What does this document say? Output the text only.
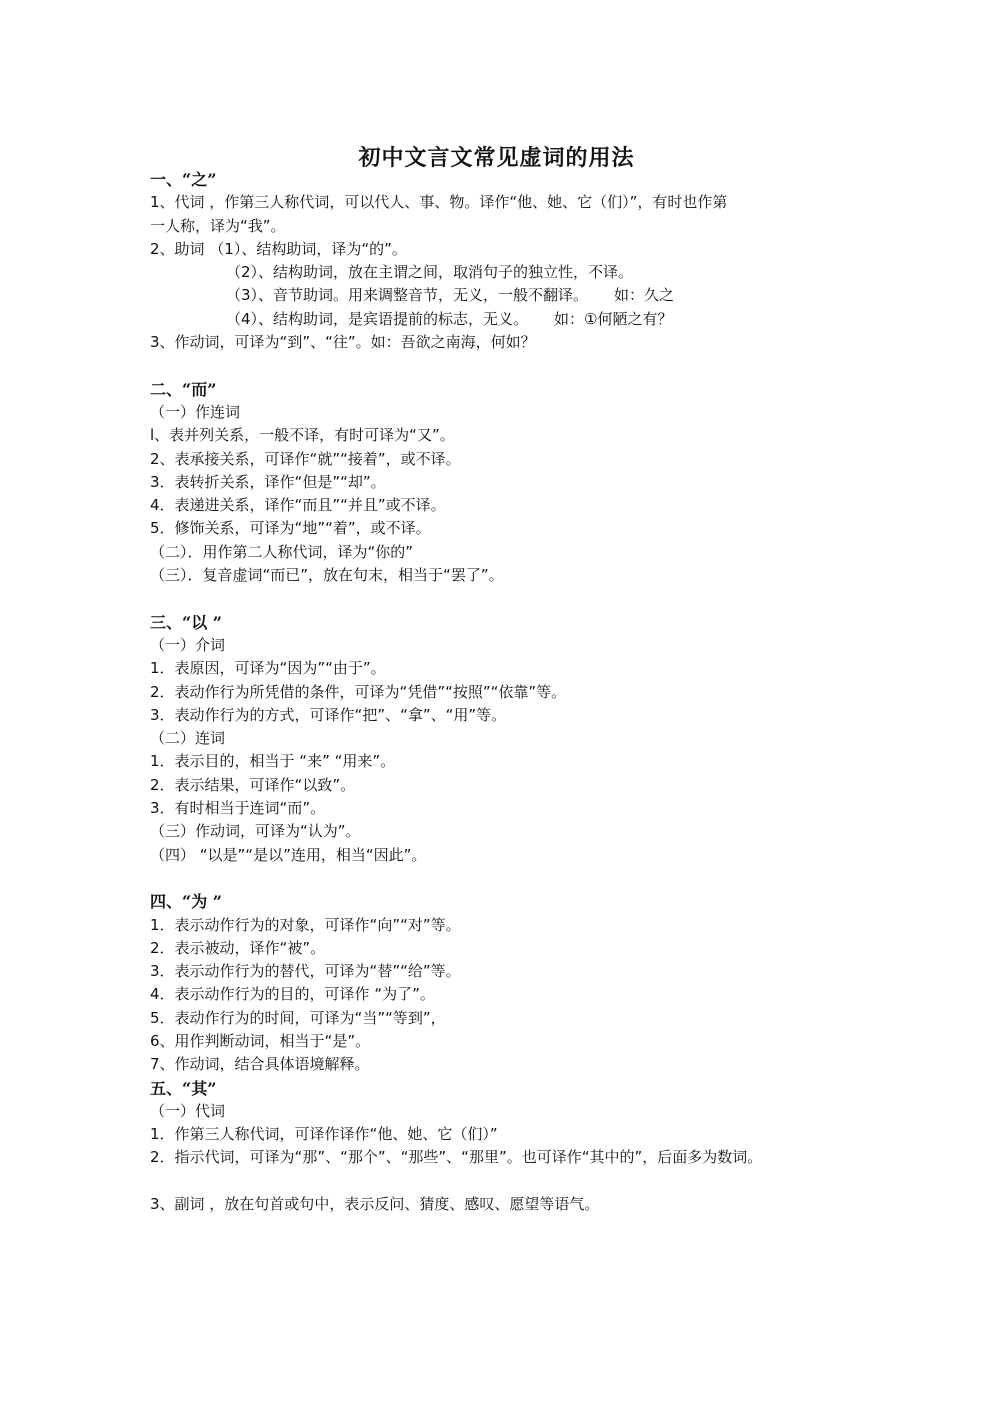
初中文言文常见虚词的用法
一、“之”
1、代词 ，作第三人称代词，可以代人、事、物。译作“他、她、它（们）”，有时也作第
一人称，译为“我”。
2、助词 （1）、结构助词，译为“的”。
（2）、结构助词，放在主谓之间，取消句子的独立性，不译。
（3）、音节助词。用来调整音节，无义，一般不翻译。 如：久之
（4）、结构助词，是宾语提前的标志，无义。 如：①何陋之有？
3、作动词，可译为“到”、“往”。如：吾欲之南海，何如？
二、“而”
（一）作连词
l、表并列关系，一般不译，有时可译为“又”。
2、表承接关系，可译作“就”“接着”，或不译。
3．表转折关系，译作“但是”“却”。
4．表递进关系，译作“而且”“并且”或不译。
5．修饰关系，可译为“地”“着”，或不译。
（二）．用作第二人称代词，译为“你的”
（三）．复音虚词“而已”，放在句末，相当于“罢了”。
三、“以 ”
（一）介词
1．表原因，可译为“因为”“由于”。
2．表动作行为所凭借的条件，可译为“凭借”“按照”“依靠”等。
3．表动作行为的方式，可译作“把”、“拿”、“用”等。
（二）连词
1．表示目的，相当于 “来” “用来”。
2．表示结果，可译作“以致”。
3．有时相当于连词“而”。
（三）作动词，可译为“认为”。
（四） “以是”“是以”连用，相当“因此”。
四、“为 ”
1．表示动作行为的对象，可译作“向”“对”等。
2．表示被动，译作“被”。
3．表示动作行为的替代，可译为“替”“给”等。
4．表示动作行为的目的，可译作 “为了”。
5．表动作行为的时间，可译为“当”“等到”，
6、用作判断动词，相当于“是”。
7、作动词，结合具体语境解释。
五、“其”
（一）代词
1．作第三人称代词，可译作译作“他、她、它（们）”
2．指示代词，可译为“那”、“那个”、“那些”、“那里”。也可译作“其中的”，后面多为数词。
3、副词 ，放在句首或句中，表示反问、猜度、感叹、愿望等语气。
